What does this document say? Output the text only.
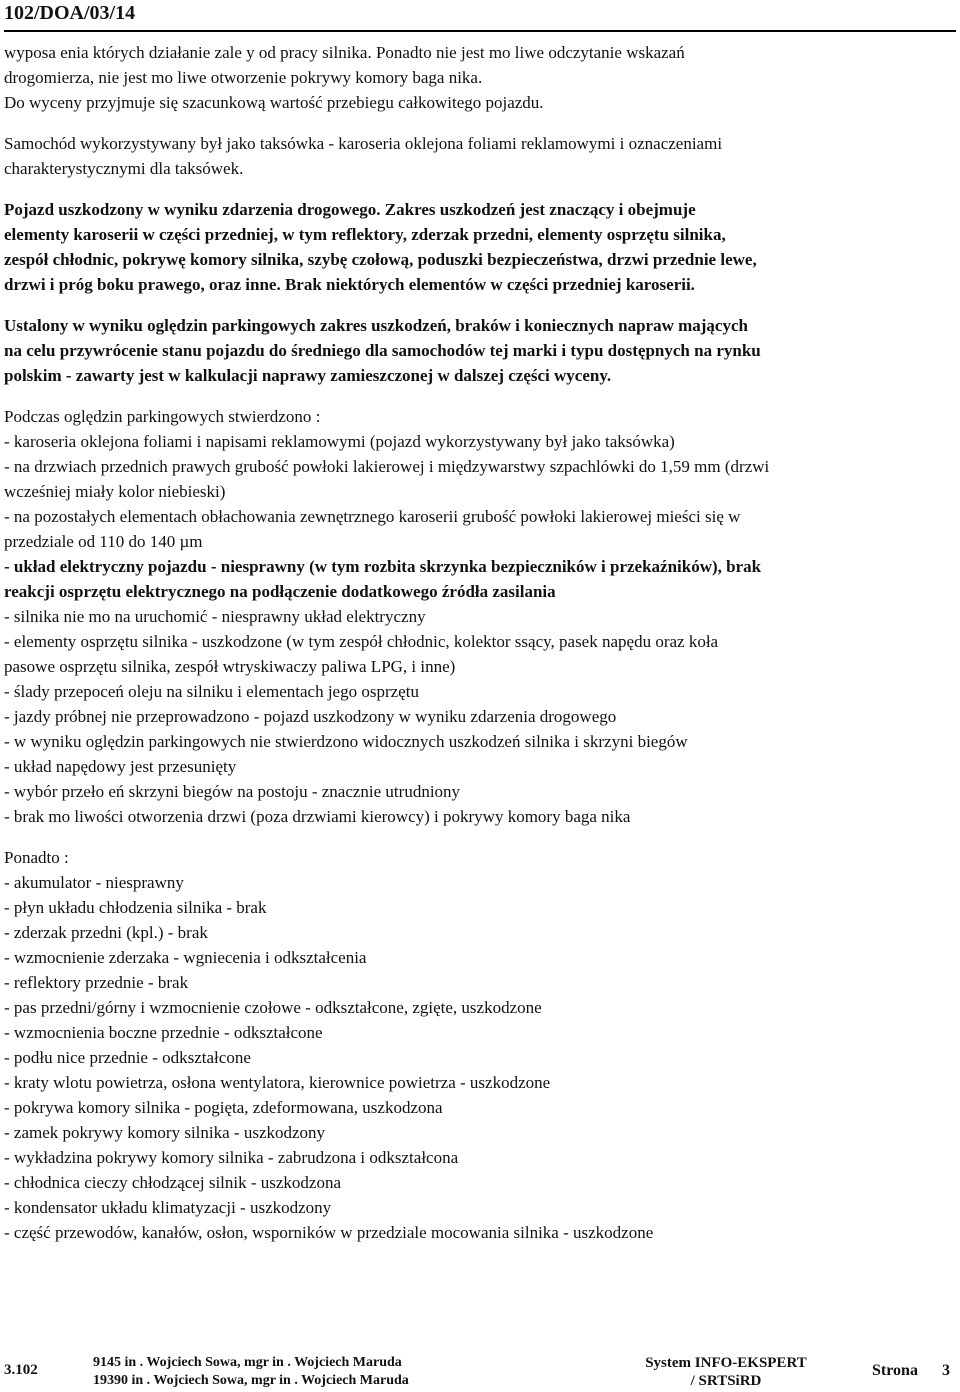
102/DOA/03/14

wyposa enia których działanie zale y od pracy silnika. Ponadto nie jest mo liwe odczytanie wskazań
drogomierza, nie jest mo liwe otworzenie pokrywy komory baga nika.
Do wyceny przyjmuje się szacunkową wartość przebiegu całkowitego pojazdu.

Samochód wykorzystywany był jako taksówka - karoseria oklejona foliami reklamowymi i oznaczeniami
charakterystycznymi dla taksówek.

Pojazd uszkodzony w wyniku zdarzenia drogowego. Zakres uszkodzeń jest znaczący i obejmuje
elementy karoserii w części przedniej, w tym reflektory, zderzak przedni, elementy osprzętu silnika,
zespół chłodnic, pokrywę komory silnika, szybę czołową, poduszki bezpieczeństwa, drzwi przednie lewe,
drzwi i próg boku prawego, oraz inne. Brak niektórych elementów w części przedniej karoserii.

Ustalony w wyniku oględzin parkingowych zakres uszkodzeń, braków i koniecznych napraw mających
na celu przywrócenie stanu pojazdu do średniego dla samochodów tej marki i typu dostępnych na rynku
polskim - zawarty jest w kalkulacji naprawy zamieszczonej w dalszej części wyceny.

Podczas oględzin parkingowych stwierdzono :
- karoseria oklejona foliami i napisami reklamowymi (pojazd wykorzystywany był jako taksówka)
- na drzwiach przednich prawych grubość powłoki lakierowej i międzywarstwy szpachlówki do 1,59 mm (drzwi
wcześniej miały kolor niebieski)
- na pozostałych elementach obłachowania zewnętrznego karoserii grubość powłoki lakierowej mieści się w
przedziale od 110 do 140 µm
- układ elektryczny pojazdu - niesprawny (w tym rozbita skrzynka bezpieczników i przekaźników), brak
reakcji osprzętu elektrycznego na podłączenie dodatkowego źródła zasilania
- silnika nie mo na uruchomić - niesprawny układ elektryczny
- elementy osprzętu silnika - uszkodzone (w tym zespół chłodnic, kolektor ssący, pasek napędu oraz koła
pasowe osprzętu silnika, zespół wtryskiwaczy paliwa LPG, i inne)
- ślady przepoceń oleju na silniku i elementach jego osprzętu
- jazdy próbnej nie przeprowadzono - pojazd uszkodzony w wyniku zdarzenia drogowego
- w wyniku oględzin parkingowych nie stwierdzono widocznych uszkodzeń silnika i skrzyni biegów
- układ napędowy jest przesunięty
- wybór przeło eń skrzyni biegów na postoju - znacznie utrudniony
- brak mo liwości otworzenia drzwi (poza drzwiami kierowcy) i pokrywy komory baga nika

Ponadto :
- akumulator - niesprawny
- płyn układu chłodzenia silnika - brak
- zderzak przedni (kpl.) - brak
- wzmocnienie zderzaka - wgniecenia i odkształcenia
- reflektory przednie - brak
- pas przedni/górny i wzmocnienie czołowe - odkształcone, zgięte, uszkodzone
- wzmocnienia boczne przednie - odkształcone
- podłu nice przednie - odkształcone
- kraty wlotu powietrza, osłona wentylatora, kierownice powietrza - uszkodzone
- pokrywa komory silnika - pogięta, zdeformowana, uszkodzona
- zamek pokrywy komory silnika - uszkodzony
- wykładzina pokrywy komory silnika - zabrudzona i odkształcona
- chłodnica cieczy chłodzącej silnik - uszkodzona
- kondensator układu klimatyzacji - uszkodzony
- część przewodów, kanałów, osłon, wsporników w przedziale mocowania silnika - uszkodzone

3.102	9145 in . Wojciech Sowa, mgr in . Wojciech Maruda
19390 in . Wojciech Sowa, mgr in . Wojciech Maruda
System INFO-EKSPERT
/ SRTSiRD
Strona 3
